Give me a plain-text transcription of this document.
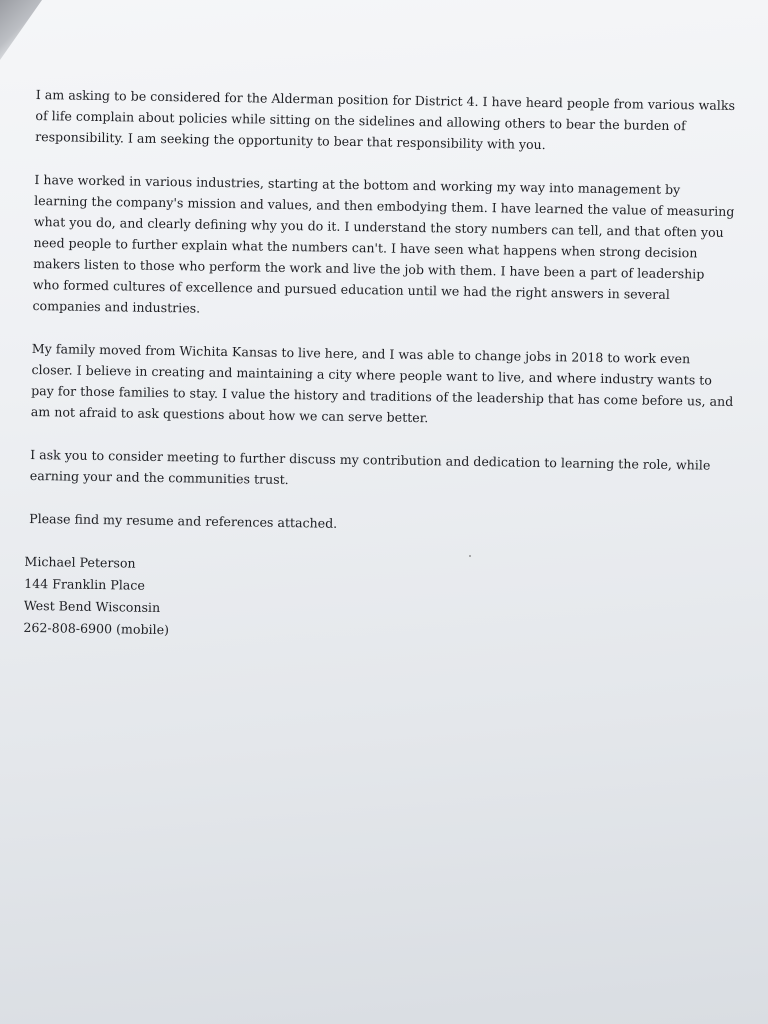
I am asking to be considered for the Alderman position for District 4. I have heard people from various walks
of life complain about policies while sitting on the sidelines and allowing others to bear the burden of
responsibility. I am seeking the opportunity to bear that responsibility with you.

I have worked in various industries, starting at the bottom and working my way into management by
learning the company's mission and values, and then embodying them. I have learned the value of measuring
what you do, and clearly defining why you do it. I understand the story numbers can tell, and that often you
need people to further explain what the numbers can't. I have seen what happens when strong decision
makers listen to those who perform the work and live the job with them. I have been a part of leadership
who formed cultures of excellence and pursued education until we had the right answers in several
companies and industries.

My family moved from Wichita Kansas to live here, and I was able to change jobs in 2018 to work even
closer. I believe in creating and maintaining a city where people want to live, and where industry wants to
pay for those families to stay. I value the history and traditions of the leadership that has come before us, and
am not afraid to ask questions about how we can serve better.

I ask you to consider meeting to further discuss my contribution and dedication to learning the role, while
earning your and the communities trust.

Please find my resume and references attached.

Michael Peterson
144 Franklin Place
West Bend Wisconsin
262-808-6900 (mobile)
